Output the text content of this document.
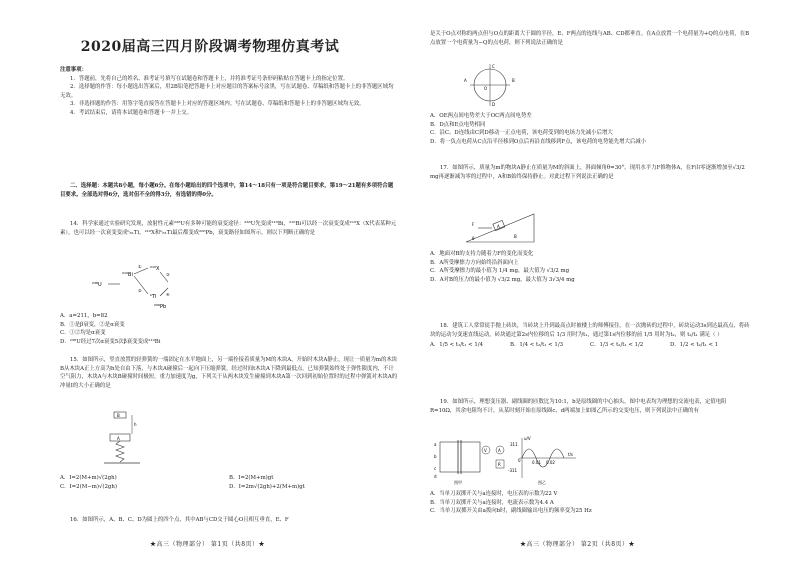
2020届高三四月阶段调考物理仿真考试

注意事项：

1．答题前，先将自己的姓名、准考证号填写在试题卷和答题卡上，并将准考证号条形码粘贴在答题卡上的指定位置。

2．选择题的作答：每小题选出答案后，用2B铅笔把答题卡上对应题目的答案标号涂黑，写在试题卷、草稿纸和答题卡上的非答题区域均无效。

3．非选择题的作答：用签字笔直接答在答题卡上对应的答题区域内。写在试题卷、草稿纸和答题卡上的非答题区域均无效。

4．考试结束后，请将本试题卷和答题卡一并上交。

二、选择题：本题共8小题，每小题6分。在每小题给出的四个选项中，第14～18只有一项是符合题目要求，第19～21题有多项符合题目要求。全部选对得6分，选对但不全的得3分，有选错的得0分。

14．科学家通过实验研究发现，放射性元素²³⁸U有多种可能的衰变途径：²³⁸U先变成²¹⁰Bi，²¹⁰Bi可以经一次衰变变成²¹⁰X（X代表某种元素），也可以经一次衰变变成ᵇ₈₁Ti，²¹⁰X和ᵇ₈₁Ti最后都变成²⁰⁶Pb，衰变路径如图所示，则以下判断正确的是

²³⁸U
²¹⁰Bi
²¹⁰X
ᵇTi
²⁰⁶Pb
①
②
③
④

A．a=211，b=82

B．①是β衰变，②是α衰变

C．①②均是α衰变

D．²³⁸U经过7次α衰变5次β衰变变成²¹⁰Bi

15．如图所示，竖直放置的轻弹簧的一端固定在水平地面上，另一端拴接着质量为M的木块A，开始时木块A静止，现让一质量为m的木块B从木块A正上方高为h处自由下落，与木块A碰撞后一起向下压缩弹簧，经过时间t木块A下降到最低点。已知弹簧始终处于弹性限度内，不计空气阻力，木块A与木块B碰撞时间极短，重力加速度为g，下列关于从两木块发生碰撞到木块A第一次回到初始位置时的过程中弹簧对木块A的冲量I的大小正确的是

B
h
A

A．I=2(M+m)√(2gh)	B．I=2(M+m)gt

C．I=2(M−m)√(2gh)	D．I=2m√(2gh)+2(M+m)gt

16．如图所示，A、B、C、D为圆上的四个点，其中AB与CD交于圆心O且相互垂直，E、F

★高三（物理部分） 第1页（共8页）★

是关于O点对称的两点但与O点的距离大于圆的半径，E、F两点的连线与AB、CD都垂直。在A点放置一个电荷量为+Q的点电荷，在B点放置一个电荷量为−Q的点电荷，则下列说法正确的是

A	B
C
D
O

A．OE两点间电势差大于OC两点间电势差

B．D点和E点电势相同

C．沿C、D连线由C到D移动一正点电荷，该电荷受到的电场力先减小后增大

D．将一负点电荷从C点沿半径移到O点后再沿直线移到F点，该电荷的电势能先增大后减小

17．如图所示，质量为m的物块A静止在质量为M的斜面上，斜面倾角θ=30°。现用水平力F推物体A，在F由零逐渐增加至√3/2 mg再逐渐减为零的过程中，A和B始终保持静止。对此过程下列说法正确的是

A
F
B
θ

A．地面对B的支持力随着力F的变化而变化

B．A所受摩擦力方向始终沿斜面向上

C．A所受摩擦力的最小值为 1/4 mg，最大值为 √3/2 mg

D．A对B的压力的最小值为 √3/2 mg，最大值为 3√3/4 mg

18．建筑工人常常徒手抛上砖块，当砖块上升到最高点时被楼上的师傅接住。在一次抛砖的过程中，砖块运动3s到达最高点，将砖块的运动匀变速直线运动，砖块通过第2s内位移的后 1/3 用时为t₁，通过第1s内位移的前 1/5 用时为t₂，则 t₂/t₁ 满足（ ）

A．1/5 < t₂/t₁ < 1/4	B．1/4 < t₂/t₁ < 1/3	C．1/3 < t₂/t₁ < 1/2	D．1/2 < t₂/t₁ < 1

19．如图所示，理想变压器、副线圈的匝数比为10:1，b是原线圈的中心抽头，图中电表均为理想的交流电表，定值电阻R=10Ω，其余电阻均不计，从某时刻开始在原线圈c、d两端加上如图乙所示的交变电压，则下列说法中正确的有

V	A
R
a
b
c
d
图甲
u/V
t/s
311
-311
0	0.01 0.02
图乙

A．当单刀双掷开关与a连接时，电压表的示数为22 V

B．当单刀双掷开关与a连接时，电流表示数为4.4 A

C．当单刀双掷开关由a拨向b时，副线圈输出电压的频率变为25 Hz

★高三（物理部分） 第2页（共8页）★
